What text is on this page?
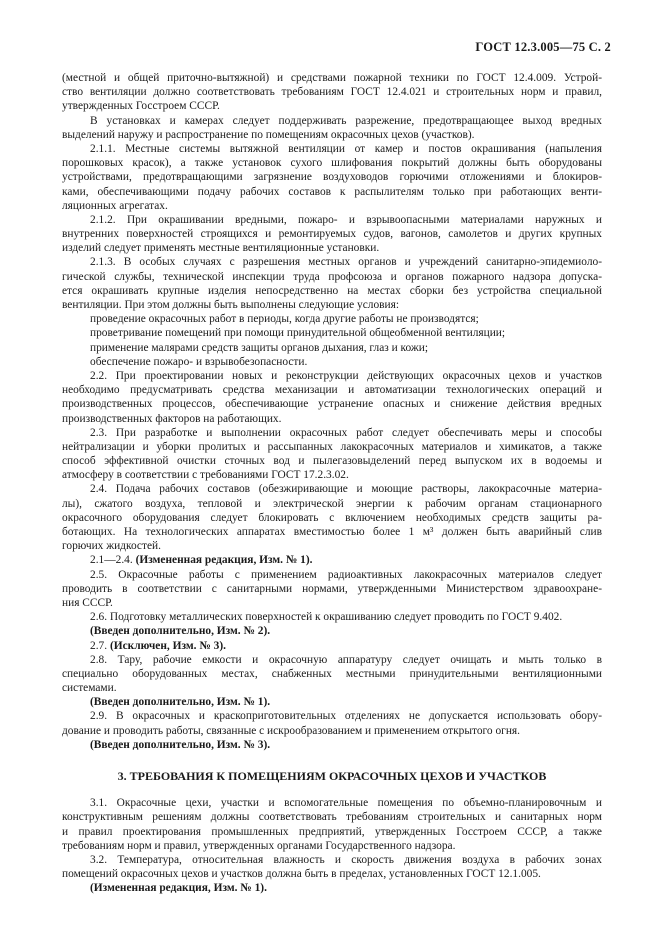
ГОСТ 12.3.005—75 С. 2
(местной и общей приточно-вытяжной) и средствами пожарной техники по ГОСТ 12.4.009. Устрой-
ство вентиляции должно соответствовать требованиям ГОСТ 12.4.021 и строительных норм и правил,
утвержденных Госстроем СССР.
В установках и камерах следует поддерживать разрежение, предотвращающее выход вредных
выделений наружу и распространение по помещениям окрасочных цехов (участков).
2.1.1. Местные системы вытяжной вентиляции от камер и постов окрашивания (напыления
порошковых красок), а также установок сухого шлифования покрытий должны быть оборудованы
устройствами, предотвращающими загрязнение воздуховодов горючими отложениями и блокиров-
ками, обеспечивающими подачу рабочих составов к распылителям только при работающих венти-
ляционных агрегатах.
2.1.2. При окрашивании вредными, пожаро- и взрывоопасными материалами наружных и
внутренних поверхностей строящихся и ремонтируемых судов, вагонов, самолетов и других крупных
изделий следует применять местные вентиляционные установки.
2.1.3. В особых случаях с разрешения местных органов и учреждений санитарно-эпидемиоло-
гической службы, технической инспекции труда профсоюза и органов пожарного надзора допуска-
ется окрашивать крупные изделия непосредственно на местах сборки без устройства специальной
вентиляции. При этом должны быть выполнены следующие условия:
проведение окрасочных работ в периоды, когда другие работы не производятся;
проветривание помещений при помощи принудительной общеобменной вентиляции;
применение малярами средств защиты органов дыхания, глаз и кожи;
обеспечение пожаро- и взрывобезопасности.
2.2. При проектировании новых и реконструкции действующих окрасочных цехов и участков
необходимо предусматривать средства механизации и автоматизации технологических операций и
производственных процессов, обеспечивающие устранение опасных и снижение действия вредных
производственных факторов на работающих.
2.3. При разработке и выполнении окрасочных работ следует обеспечивать меры и способы
нейтрализации и уборки пролитых и рассыпанных лакокрасочных материалов и химикатов, а также
способ эффективной очистки сточных вод и пылегазовыделений перед выпуском их в водоемы и
атмосферу в соответствии с требованиями ГОСТ 17.2.3.02.
2.4. Подача рабочих составов (обезжиривающие и моющие растворы, лакокрасочные материа-
лы), сжатого воздуха, тепловой и электрической энергии к рабочим органам стационарного
окрасочного оборудования следует блокировать с включением необходимых средств защиты ра-
ботающих. На технологических аппаратах вместимостью более 1 м³ должен быть аварийный слив
горючих жидкостей.
2.1—2.4. (Измененная редакция, Изм. № 1).
2.5. Окрасочные работы с применением радиоактивных лакокрасочных материалов следует
проводить в соответствии с санитарными нормами, утвержденными Министерством здравоохране-
ния СССР.
2.6. Подготовку металлических поверхностей к окрашиванию следует проводить по ГОСТ 9.402.
(Введен дополнительно, Изм. № 2).
2.7. (Исключен, Изм. № 3).
2.8. Тару, рабочие емкости и окрасочную аппаратуру следует очищать и мыть только в
специально оборудованных местах, снабженных местными принудительными вентиляционными
системами.
(Введен дополнительно, Изм. № 1).
2.9. В окрасочных и краскоприготовительных отделениях не допускается использовать обору-
дование и проводить работы, связанные с искрообразованием и применением открытого огня.
(Введен дополнительно, Изм. № 3).
3. ТРЕБОВАНИЯ К ПОМЕЩЕНИЯМ ОКРАСОЧНЫХ ЦЕХОВ И УЧАСТКОВ
3.1. Окрасочные цехи, участки и вспомогательные помещения по объемно-планировочным и
конструктивным решениям должны соответствовать требованиям строительных и санитарных норм
и правил проектирования промышленных предприятий, утвержденных Госстроем СССР, а также
требованиям норм и правил, утвержденных органами Государственного надзора.
3.2. Температура, относительная влажность и скорость движения воздуха в рабочих зонах
помещений окрасочных цехов и участков должна быть в пределах, установленных ГОСТ 12.1.005.
(Измененная редакция, Изм. № 1).
